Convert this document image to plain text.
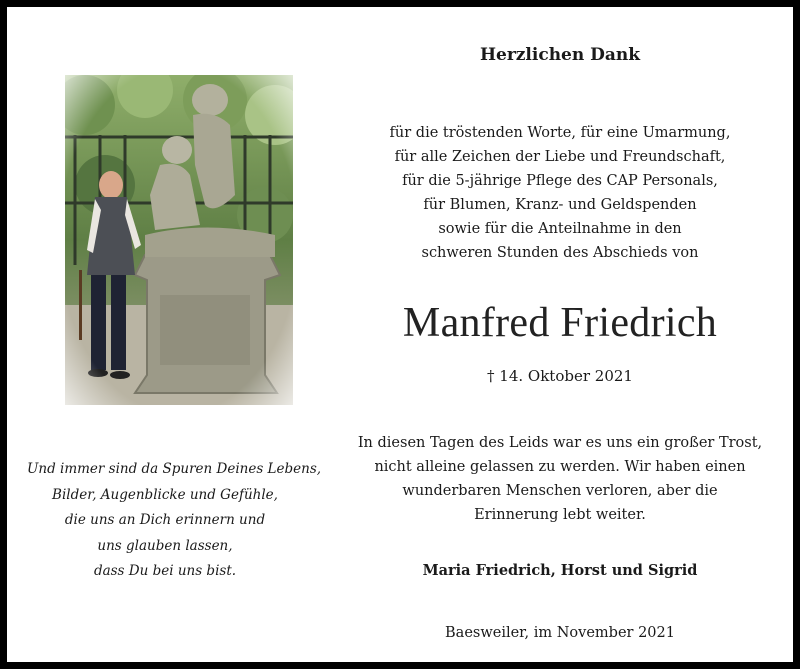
Und immer sind da Spuren Deines Lebens,
Bilder, Augenblicke und Gefühle,
die uns an Dich erinnern und
uns glauben lassen,
dass Du bei uns bist.
Herzlichen Dank
für die tröstenden Worte, für eine Umarmung,
für alle Zeichen der Liebe und Freundschaft,
für die 5-jährige Pflege des CAP Personals,
für Blumen, Kranz- und Geldspenden
sowie für die Anteilnahme in den
schweren Stunden des Abschieds von
Manfred Friedrich
† 14. Oktober 2021
In diesen Tagen des Leids war es uns ein großer Trost,
nicht alleine gelassen zu werden. Wir haben einen
wunderbaren Menschen verloren, aber die
Erinnerung lebt weiter.
Maria Friedrich, Horst und Sigrid
Baesweiler, im November 2021
